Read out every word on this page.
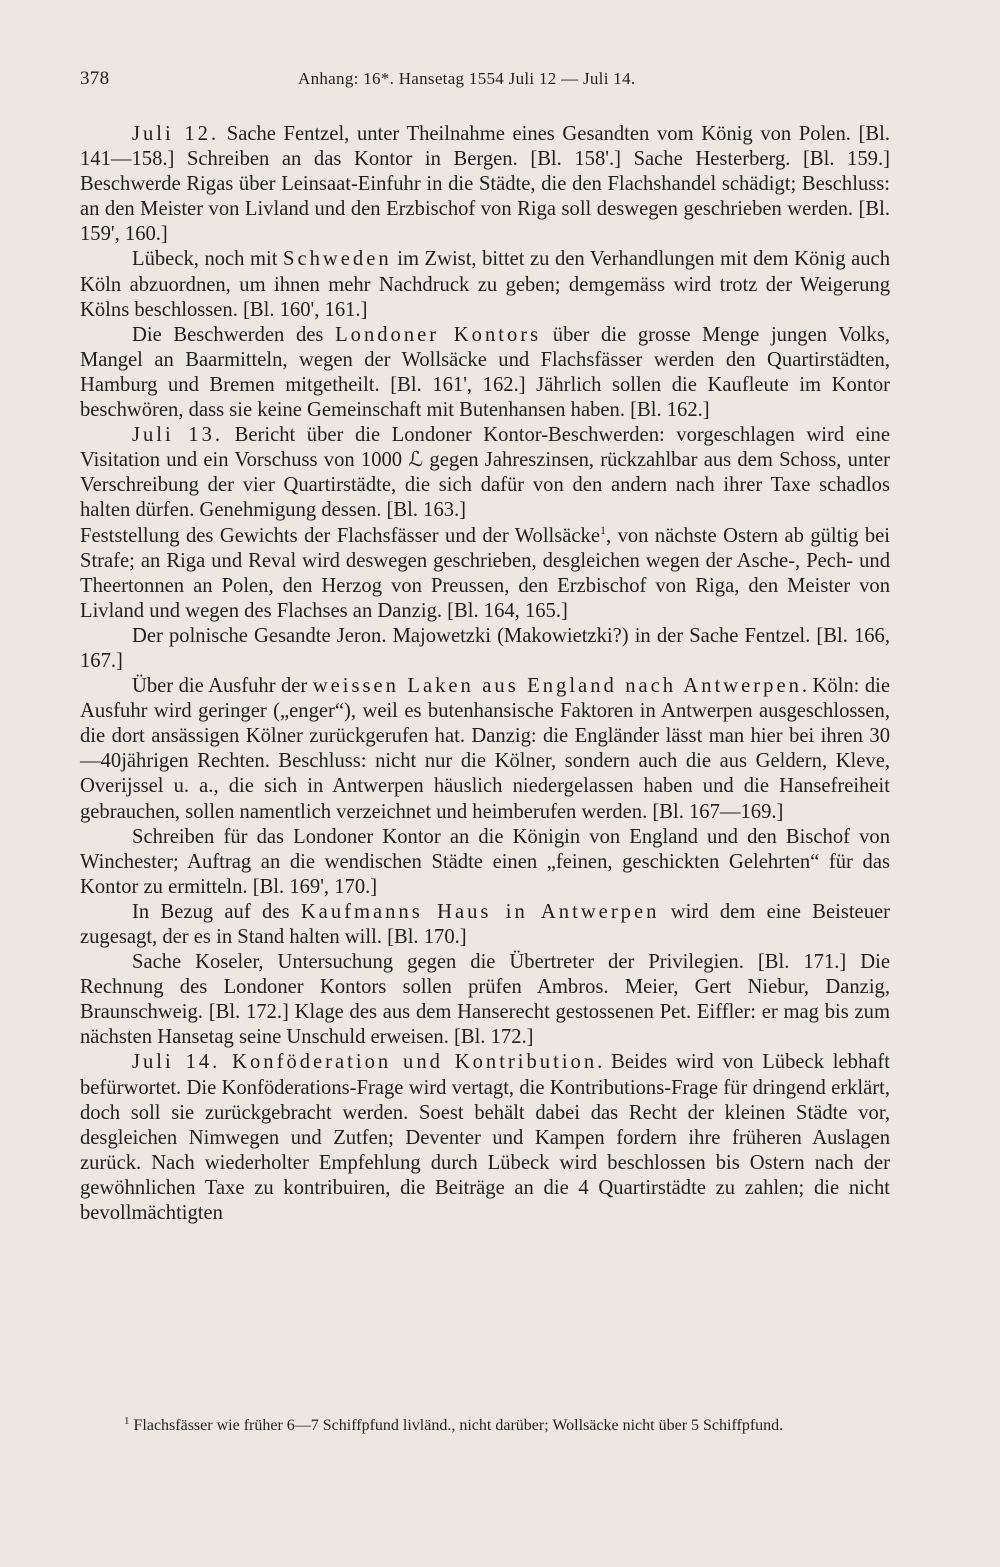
378	Anhang: 16*. Hansetag 1554 Juli 12 — Juli 14.

Juli 12. Sache Fentzel, unter Theilnahme eines Gesandten vom König von Polen. [Bl. 141—158.] Schreiben an das Kontor in Bergen. [Bl. 158'.] Sache Hesterberg. [Bl. 159.] Beschwerde Rigas über Leinsaat-Einfuhr in die Städte, die den Flachshandel schädigt; Beschluss: an den Meister von Livland und den Erzbischof von Riga soll deswegen geschrieben werden. [Bl. 159', 160.]

Lübeck, noch mit Schweden im Zwist, bittet zu den Verhandlungen mit dem König auch Köln abzuordnen, um ihnen mehr Nachdruck zu geben; demgemäss wird trotz der Weigerung Kölns beschlossen. [Bl. 160', 161.]

Die Beschwerden des Londoner Kontors über die grosse Menge jungen Volks, Mangel an Baarmitteln, wegen der Wollsäcke und Flachsfässer werden den Quartirstädten, Hamburg und Bremen mitgetheilt. [Bl. 161', 162.] Jährlich sollen die Kaufleute im Kontor beschwören, dass sie keine Gemeinschaft mit Butenhansen haben. [Bl. 162.]

Juli 13. Bericht über die Londoner Kontor-Beschwerden: vorgeschlagen wird eine Visitation und ein Vorschuss von 1000 ℒ gegen Jahreszinsen, rückzahlbar aus dem Schoss, unter Verschreibung der vier Quartirstädte, die sich dafür von den andern nach ihrer Taxe schadlos halten dürfen. Genehmigung dessen. [Bl. 163.]

Feststellung des Gewichts der Flachsfässer und der Wollsäcke$^1$, von nächste Ostern ab gültig bei Strafe; an Riga und Reval wird deswegen geschrieben, desgleichen wegen der Asche-, Pech- und Theertonnen an Polen, den Herzog von Preussen, den Erzbischof von Riga, den Meister von Livland und wegen des Flachses an Danzig. [Bl. 164, 165.]

Der polnische Gesandte Jeron. Majowetzki (Makowietzki?) in der Sache Fentzel. [Bl. 166, 167.]

Über die Ausfuhr der weissen Laken aus England nach Antwerpen. Köln: die Ausfuhr wird geringer („enger“), weil es butenhansische Faktoren in Antwerpen ausgeschlossen, die dort ansässigen Kölner zurückgerufen hat. Danzig: die Engländer lässt man hier bei ihren 30—40jährigen Rechten. Beschluss: nicht nur die Kölner, sondern auch die aus Geldern, Kleve, Overijssel u. a., die sich in Antwerpen häuslich niedergelassen haben und die Hansefreiheit gebrauchen, sollen namentlich verzeichnet und heimberufen werden. [Bl. 167—169.]

Schreiben für das Londoner Kontor an die Königin von England und den Bischof von Winchester; Auftrag an die wendischen Städte einen „feinen, geschickten Gelehrten“ für das Kontor zu ermitteln. [Bl. 169', 170.]

In Bezug auf des Kaufmanns Haus in Antwerpen wird dem eine Beisteuer zugesagt, der es in Stand halten will. [Bl. 170.]

Sache Koseler, Untersuchung gegen die Übertreter der Privilegien. [Bl. 171.] Die Rechnung des Londoner Kontors sollen prüfen Ambros. Meier, Gert Niebur, Danzig, Braunschweig. [Bl. 172.] Klage des aus dem Hanserecht gestossenen Pet. Eiffler: er mag bis zum nächsten Hansetag seine Unschuld erweisen. [Bl. 172.]

Juli 14. Konföderation und Kontribution. Beides wird von Lübeck lebhaft befürwortet. Die Konföderations-Frage wird vertagt, die Kontributions-Frage für dringend erklärt, doch soll sie zurückgebracht werden. Soest behält dabei das Recht der kleinen Städte vor, desgleichen Nimwegen und Zutfen; Deventer und Kampen fordern ihre früheren Auslagen zurück. Nach wiederholter Empfehlung durch Lübeck wird beschlossen bis Ostern nach der gewöhnlichen Taxe zu kontribuiren, die Beiträge an die 4 Quartirstädte zu zahlen; die nicht bevollmächtigten

$^1$ Flachsfässer wie früher 6—7 Schiffpfund livländ., nicht darüber; Wollsäcke nicht über 5 Schiffpfund.
